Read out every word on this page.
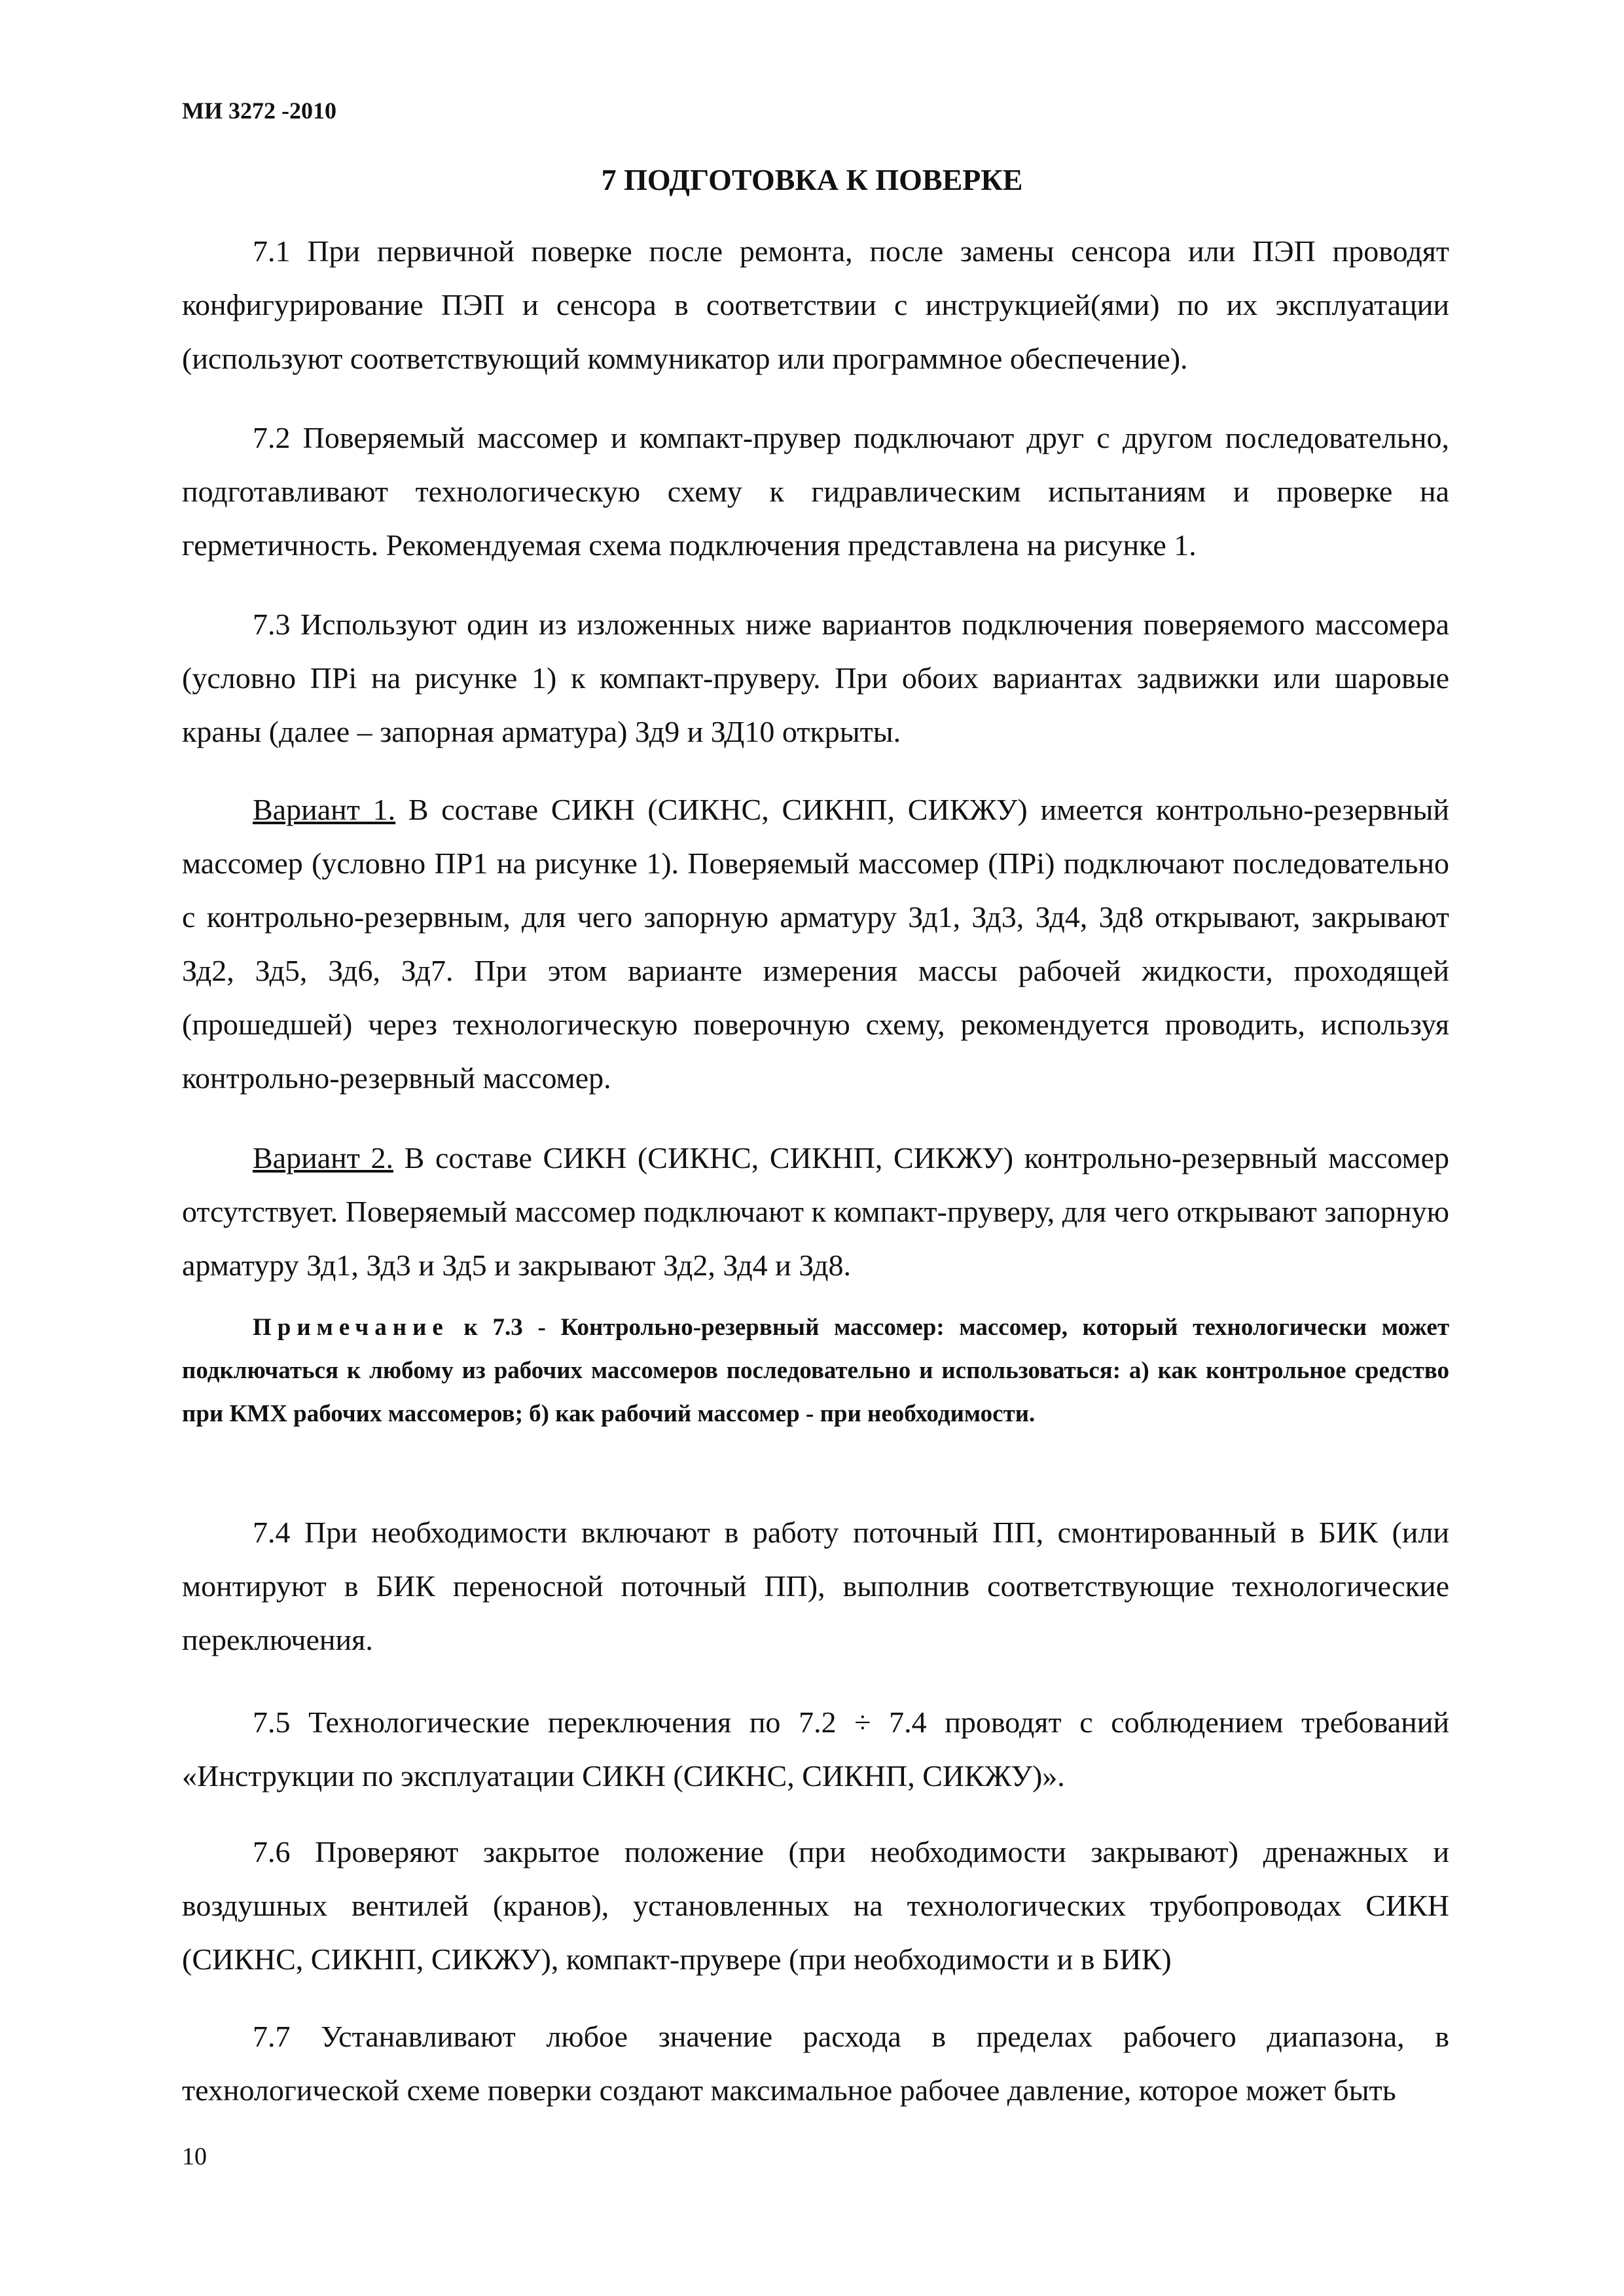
МИ 3272 -2010
7 ПОДГОТОВКА К ПОВЕРКЕ

7.1 При первичной поверке после ремонта, после замены сенсора или ПЭП проводят конфигурирование ПЭП и сенсора в соответствии с инструкцией(ями) по их эксплуатации (используют соответствующий коммуникатор или программное обеспечение).

7.2 Поверяемый массомер и компакт-прувер подключают друг с другом последовательно, подготавливают технологическую схему к гидравлическим испытаниям и проверке на герметичность. Рекомендуемая схема подключения представлена на рисунке 1.

7.3 Используют один из изложенных ниже вариантов подключения поверяемого массомера (условно ПРi на рисунке 1) к компакт-пруверу. При обоих вариантах задвижки или шаровые краны (далее – запорная арматура) Зд9 и ЗД10 открыты.

Вариант 1. В составе СИКН (СИКНС, СИКНП, СИКЖУ) имеется контрольно-резервный массомер (условно ПР1 на рисунке 1). Поверяемый массомер (ПРi) подключают последовательно с контрольно-резервным, для чего запорную арматуру Зд1, Зд3, Зд4, Зд8 открывают, закрывают Зд2, Зд5, Зд6, Зд7. При этом варианте измерения массы рабочей жидкости, проходящей (прошедшей) через технологическую поверочную схему, рекомендуется проводить, используя контрольно-резервный массомер.

Вариант 2. В составе СИКН (СИКНС, СИКНП, СИКЖУ) контрольно-резервный массомер отсутствует. Поверяемый массомер подключают к компакт-пруверу, для чего открывают запорную арматуру Зд1, Зд3 и Зд5 и закрывают Зд2, Зд4 и Зд8.

Примечание к 7.3 - Контрольно-резервный массомер: массомер, который технологически может подключаться к любому из рабочих массомеров последовательно и использоваться: а) как контрольное средство при КМХ рабочих массомеров; б) как рабочий массомер - при необходимости.

7.4 При необходимости включают в работу поточный ПП, смонтированный в БИК (или монтируют в БИК переносной поточный ПП), выполнив соответствующие технологические переключения.

7.5 Технологические переключения по 7.2 ÷ 7.4 проводят с соблюдением требований «Инструкции по эксплуатации СИКН (СИКНС, СИКНП, СИКЖУ)».

7.6 Проверяют закрытое положение (при необходимости закрывают) дренажных и воздушных вентилей (кранов), установленных на технологических трубопроводах СИКН (СИКНС, СИКНП, СИКЖУ), компакт-прувере (при необходимости и в БИК)

7.7 Устанавливают любое значение расхода в пределах рабочего диапазона, в технологической схеме поверки создают максимальное рабочее давление, которое может быть

10
